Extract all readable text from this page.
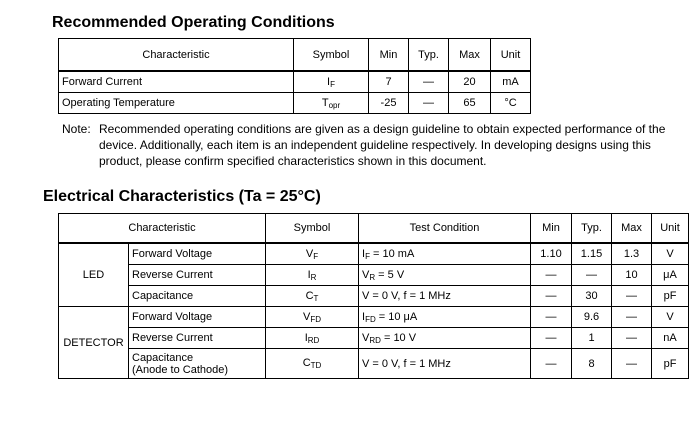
Recommended Operating Conditions
Characteristic	Symbol	Min	Typ.	Max	Unit
Forward Current	$I_F$	7	—	20	mA
Operating Temperature	$T_{opr}$	-25	—	65	°C
Note: Recommended operating conditions are given as a design guideline to obtain expected performance of the device. Additionally, each item is an independent guideline respectively. In developing designs using this product, please confirm specified characteristics shown in this document.
Electrical Characteristics (Ta = 25°C)
Characteristic		Symbol	Test Condition	Min	Typ.	Max	Unit
LED	Forward Voltage	$V_F$	$I_F = 10$ mA	1.10	1.15	1.3	V
	Reverse Current	$I_R$	$V_R = 5$ V	—	—	10	μA
	Capacitance	$C_T$	V = 0 V, f = 1 MHz	—	30	—	pF
DETECTOR	Forward Voltage	$V_{FD}$	$I_{FD} = 10$ μA	—	9.6	—	V
	Reverse Current	$I_{RD}$	$V_{RD} = 10$ V	—	1	—	nA
	Capacitance
(Anode to Cathode)	$C_{TD}$	V = 0 V, f = 1 MHz	—	8	—	pF
